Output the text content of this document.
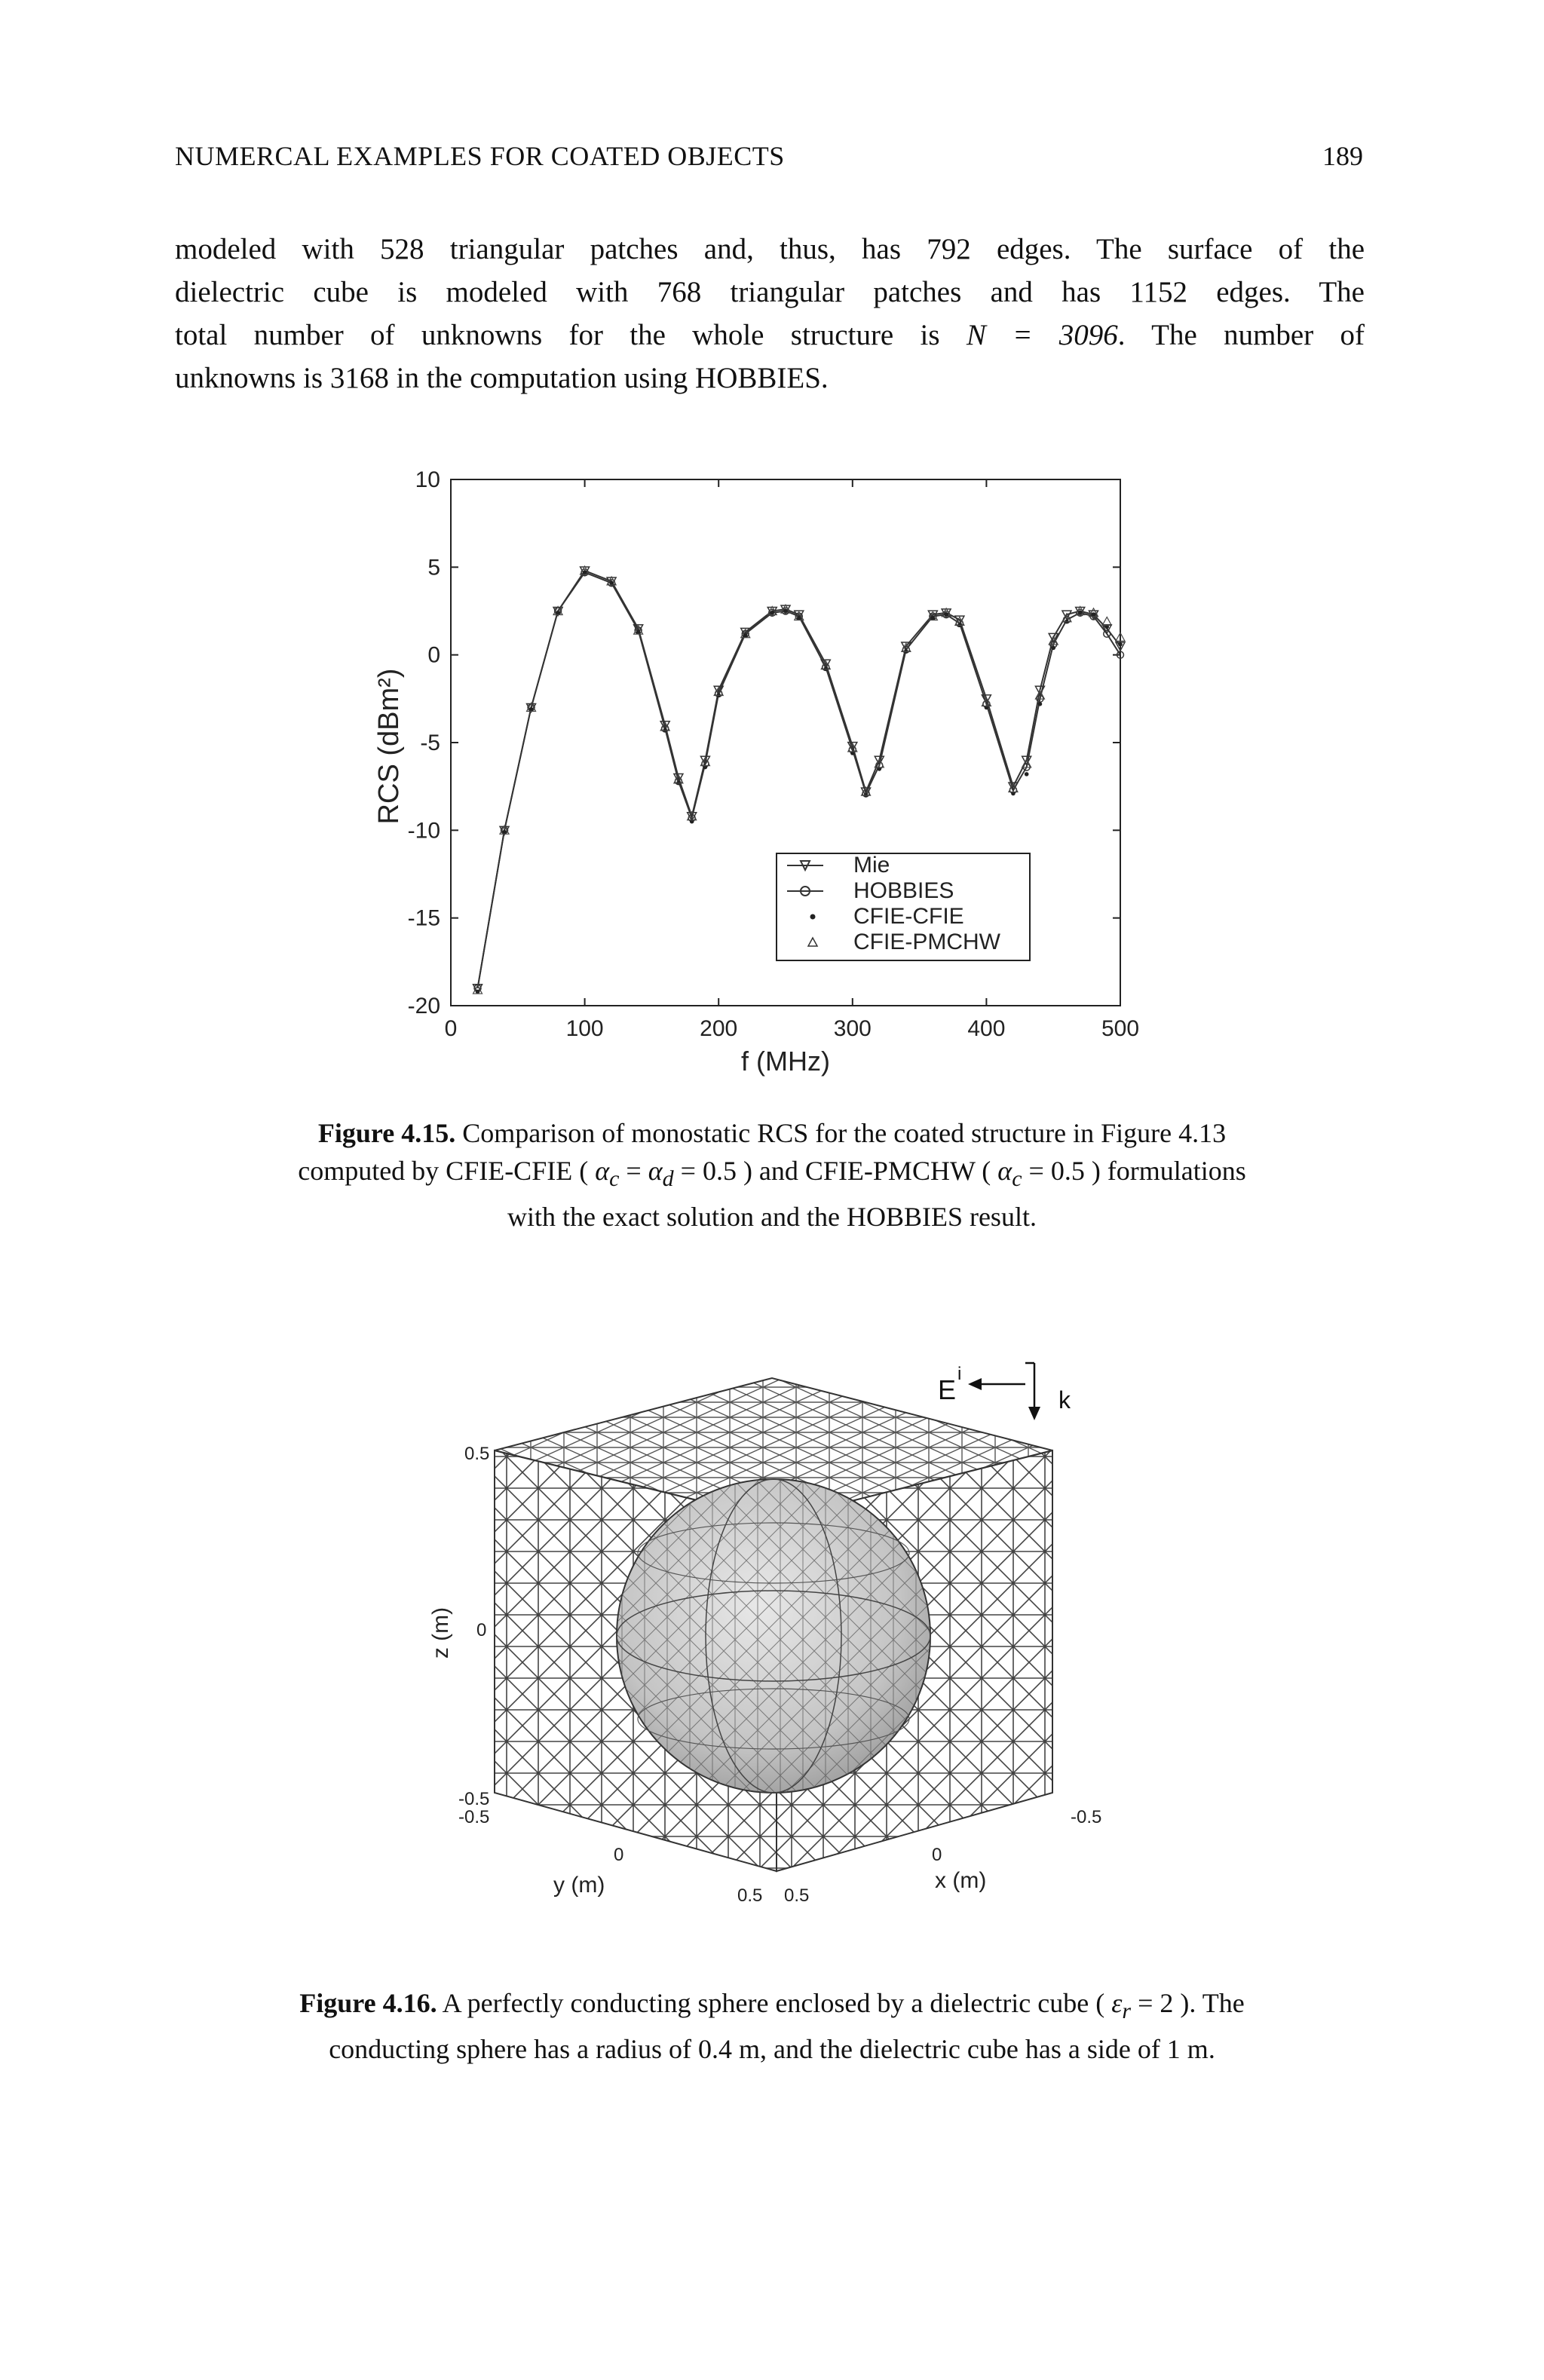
NUMERCAL EXAMPLES FOR COATED OBJECTS	189
modeled with 528 triangular patches and, thus, has 792 edges. The surface of the
dielectric cube is modeled with 768 triangular patches and has 1152 edges. The
total number of unknowns for the whole structure is N = 3096. The number of
unknowns is 3168 in the computation using HOBBIES.
0	100	200	300	400	500
10
5
0
-5
-10
-15
-20
RCS (dBm²)
f (MHz)
Mie
HOBBIES
CFIE-CFIE
CFIE-PMCHW
Figure 4.15. Comparison of monostatic RCS for the coated structure in Figure 4.13
computed by CFIE-CFIE ( $\alpha_c = \alpha_d = 0.5$ ) and CFIE-PMCHW ( $\alpha_c = 0.5$ ) formulations
with the exact solution and the HOBBIES result.
z (m)
0.5
0
-0.5
-0.5
0
0.5 0.5
0
-0.5
y (m)	x (m)
E
i
k
Figure 4.16. A perfectly conducting sphere enclosed by a dielectric cube ( $\varepsilon_r = 2$ ). The
conducting sphere has a radius of 0.4 m, and the dielectric cube has a side of 1 m.
